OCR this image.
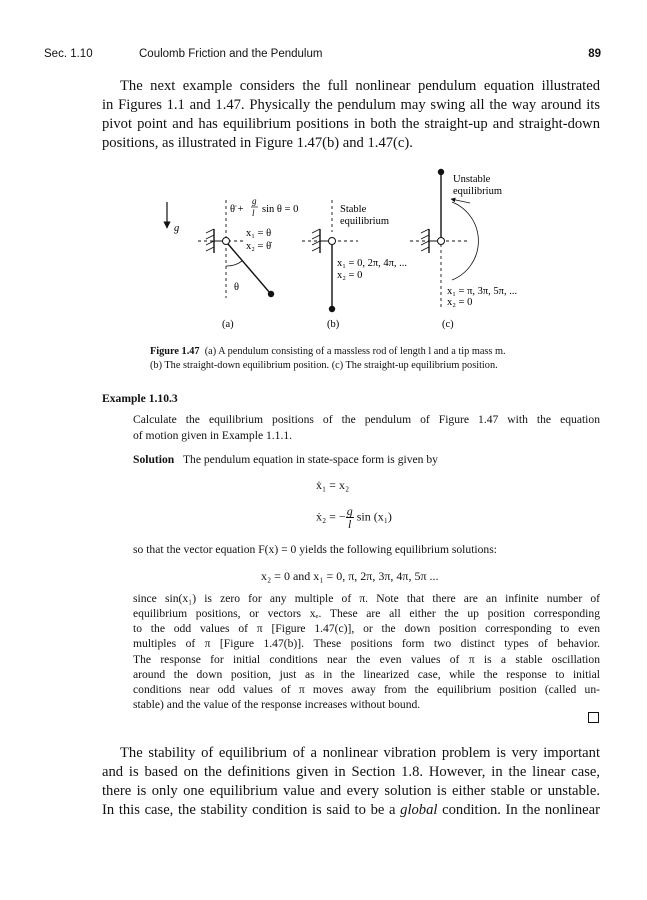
Sec. 1.10	Coulomb Friction and the Pendulum	89

The next example considers the full nonlinear pendulum equation illustrated

in Figures 1.1 and 1.47. Physically the pendulum may swing all the way around its

pivot point and has equilibrium positions in both the straight-up and straight-down

positions, as illustrated in Figure 1.47(b) and 1.47(c).

g
θ̈ +
g
l sin θ = 0
x₁ = θ
x₂ = θ̇
θ
(a)
Stable
equilibrium
x₁ = 0, 2π, 4π, ...
x₂ = 0
(b)
Unstable
equilibrium
x₁ = π, 3π, 5π, ...
x₂ = 0
(c)
Figure 1.47 (a) A pendulum consisting of a massless rod of length l and a tip mass m.
(b) The straight-down equilibrium position. (c) The straight-up equilibrium position.
Example 1.10.3

Calculate the equilibrium positions of the pendulum of Figure 1.47 with the equation

of motion given in Example 1.1.1.

Solution The pendulum equation in state-space form is given by

ẋ₁ = x₂
ẋ₂ = − $\frac{g}{l}$ sin (x₁)

so that the vector equation F(x) = 0 yields the following equilibrium solutions:

x₂ = 0 and x₁ = 0, π, 2π, 3π, 4π, 5π ...

since sin(x₁) is zero for any multiple of π. Note that there are an infinite number of

equilibrium positions, or vectors xₑ. These are all either the up position corresponding

to the odd values of π [Figure 1.47(c)], or the down position corresponding to even

multiples of π [Figure 1.47(b)]. These positions form two distinct types of behavior.

The response for initial conditions near the even values of π is a stable oscillation

around the down position, just as in the linearized case, while the response to initial

conditions near odd values of π moves away from the equilibrium position (called un-

stable) and the value of the response increases without bound.

The stability of equilibrium of a nonlinear vibration problem is very important

and is based on the definitions given in Section 1.8. However, in the linear case,

there is only one equilibrium value and every solution is either stable or unstable.

In this case, the stability condition is said to be a global condition. In the nonlinear
